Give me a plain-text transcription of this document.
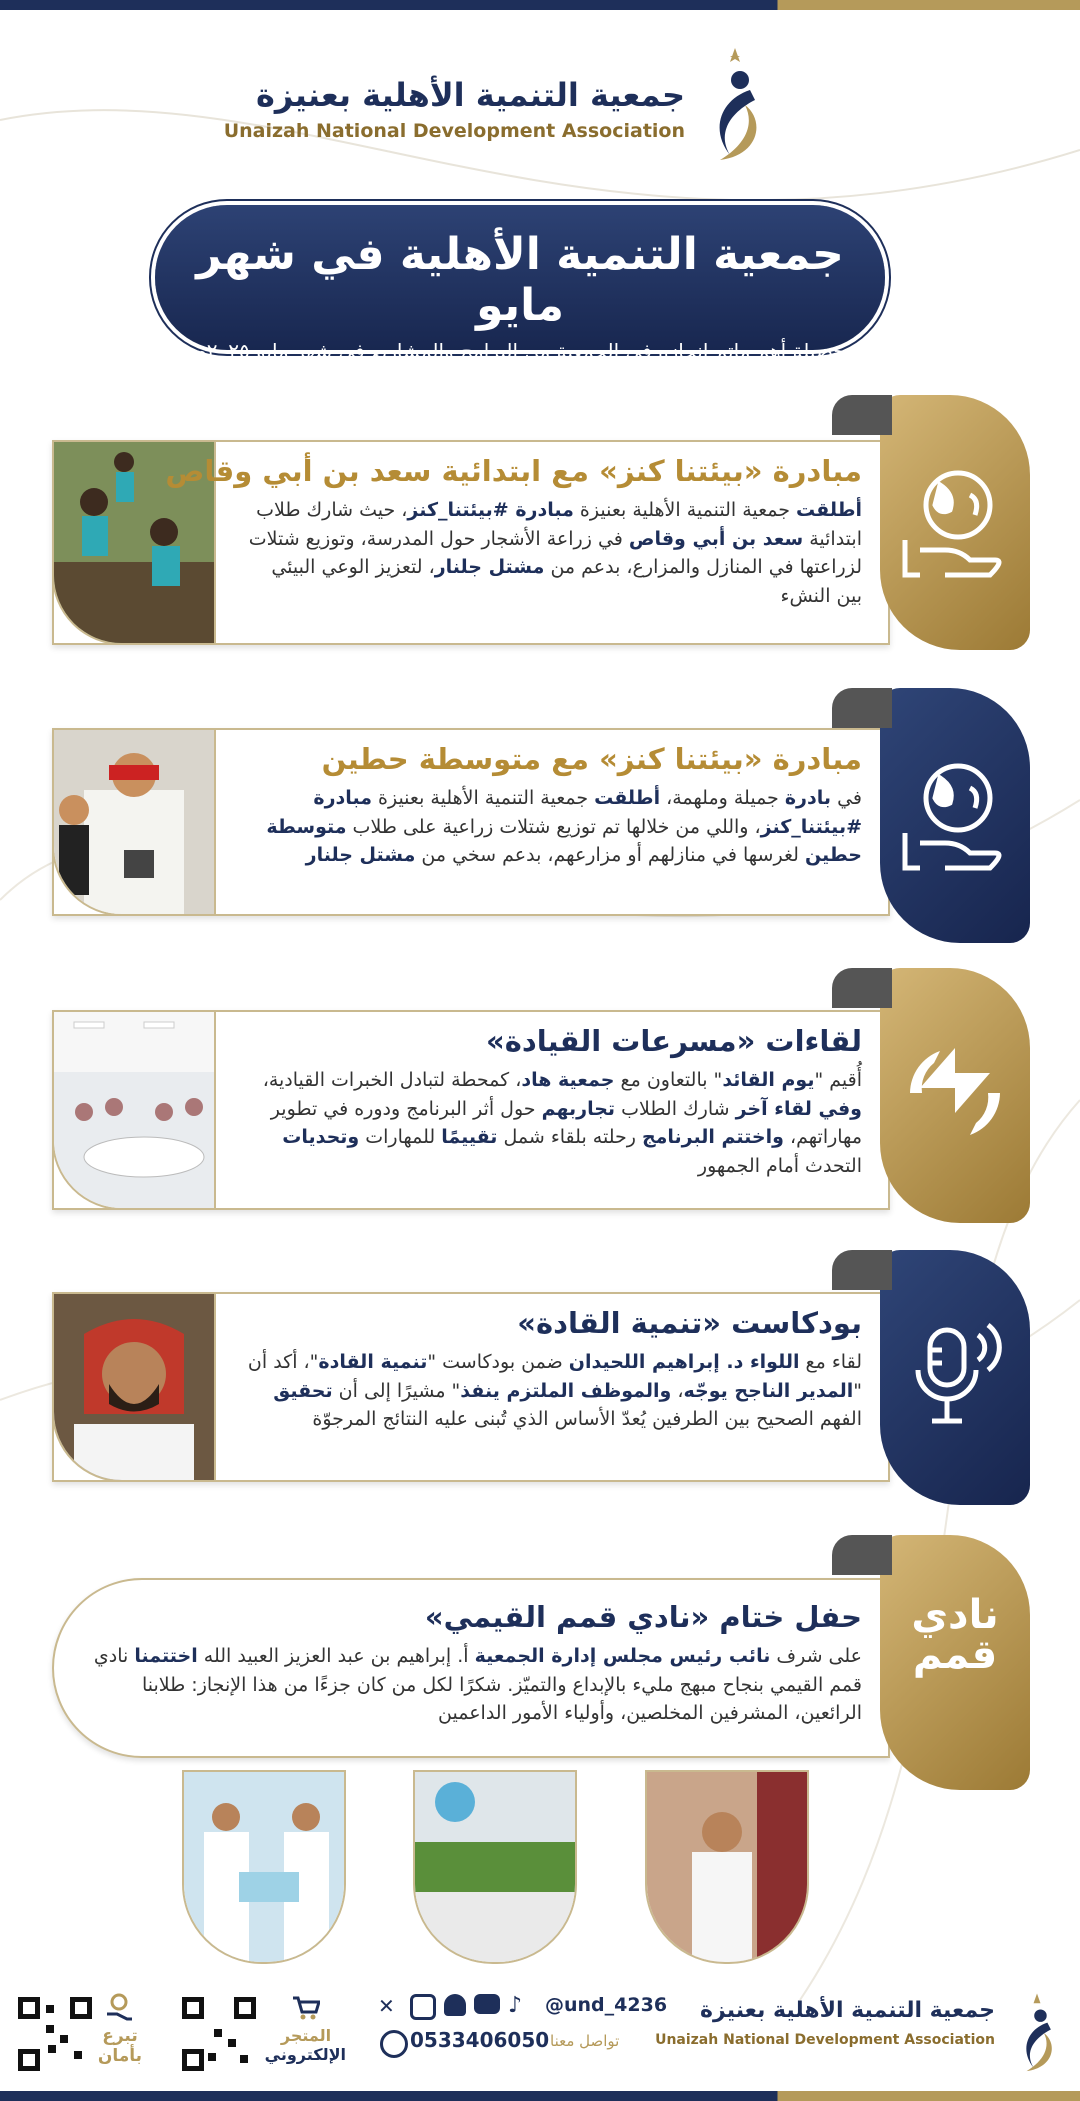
جمعية التنمية الأهلية بعنيزة
Unaizah National Development Association
جمعية التنمية الأهلية في شهر مايو

حصيلة أهم ماتم إنجازه في الجمعية من البرامج والمشاريع في شهر مايو ٢٠٢٥م

مبادرة «بيئتنا كنز» مع ابتدائية سعد بن أبي وقاص
أطلقت جمعية التنمية الأهلية بعنيزة مبادرة #بيئتنا_كنز، حيث شارك طلاب ابتدائية سعد بن أبي وقاص في زراعة الأشجار حول المدرسة، وتوزيع شتلات لزراعتها في المنازل والمزارع، بدعم من مشتل جلنار، لتعزيز الوعي البيئي بين النشء
مبادرة «بيئتنا كنز» مع متوسطة حطين
في بادرة جميلة وملهمة، أطلقت جمعية التنمية الأهلية بعنيزة مبادرة #بيئتنا_كنز، واللي من خلالها تم توزيع شتلات زراعية على طلاب متوسطة حطين لغرسها في منازلهم أو مزارعهم، بدعم سخي من مشتل جلنار
لقاءات «مسرعات القيادة»
أُقيم "يوم القائد" بالتعاون مع جمعية هاد، كمحطة لتبادل الخبرات القيادية، وفي لقاء آخر شارك الطلاب تجاربهم حول أثر البرنامج ودوره في تطوير مهاراتهم، واختتم البرنامج رحلته بلقاء شمل تقييمًا للمهارات وتحديات التحدث أمام الجمهور
بودكاست «تنمية القادة»
لقاء مع اللواء د. إبراهيم اللحيدان ضمن بودكاست "تنمية القادة"، أكد أن "المدير الناجح يوجّه، والموظف الملتزم ينفذ" مشيرًا إلى أن تحقيق الفهم الصحيح بين الطرفين يُعدّ الأساس الذي تُبنى عليه النتائج المرجوّة
حفل ختام «نادي قمم القيمي»
على شرف نائب رئيس مجلس إدارة الجمعية أ. إبراهيم بن عبد العزيز العبيد الله اختتمنا نادي قمم القيمي بنجاح مبهج مليء بالإبداع والتميّز. شكرًا لكل من كان جزءًا من هذا الإنجاز: طلابنا الرائعين، المشرفين المخلصين، وأولياء الأمور الداعمين
نادي
قمم
تبرع
بأمان
المتجر
الإلكتروني
✕	♪	@und_4236
0533406050 تواصل معنا
جمعية التنمية الأهلية بعنيزة
Unaizah National Development Association
